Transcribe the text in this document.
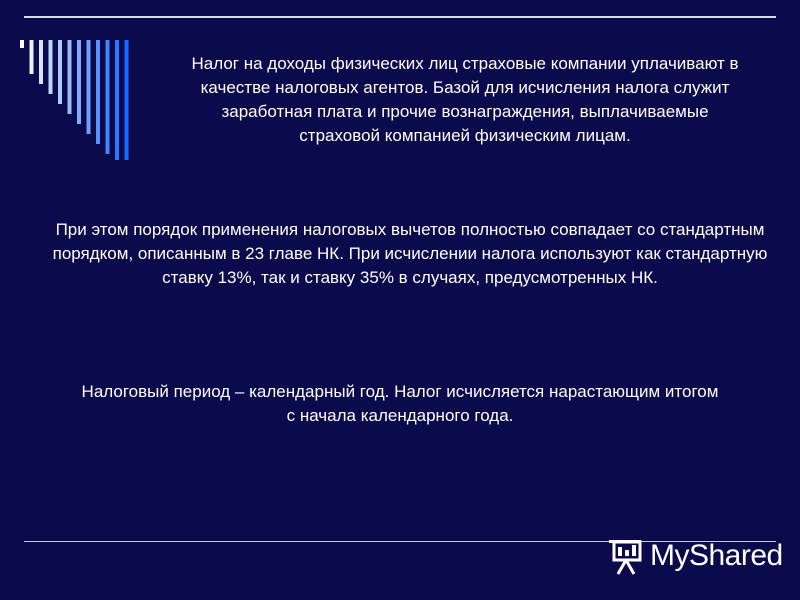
Налог на доходы физических лиц страховые компании уплачивают в качестве налоговых агентов. Базой для исчисления налога служит заработная плата и прочие вознаграждения, выплачиваемые страховой компанией физическим лицам.

При этом порядок применения налоговых вычетов полностью совпадает со стандартным порядком, описанным в 23 главе НК. При исчислении налога используют как стандартную ставку 13%, так и ставку 35% в случаях, предусмотренных НК.

Налоговый период – календарный год. Налог исчисляется нарастающим итогом с начала календарного года.

MyShared
